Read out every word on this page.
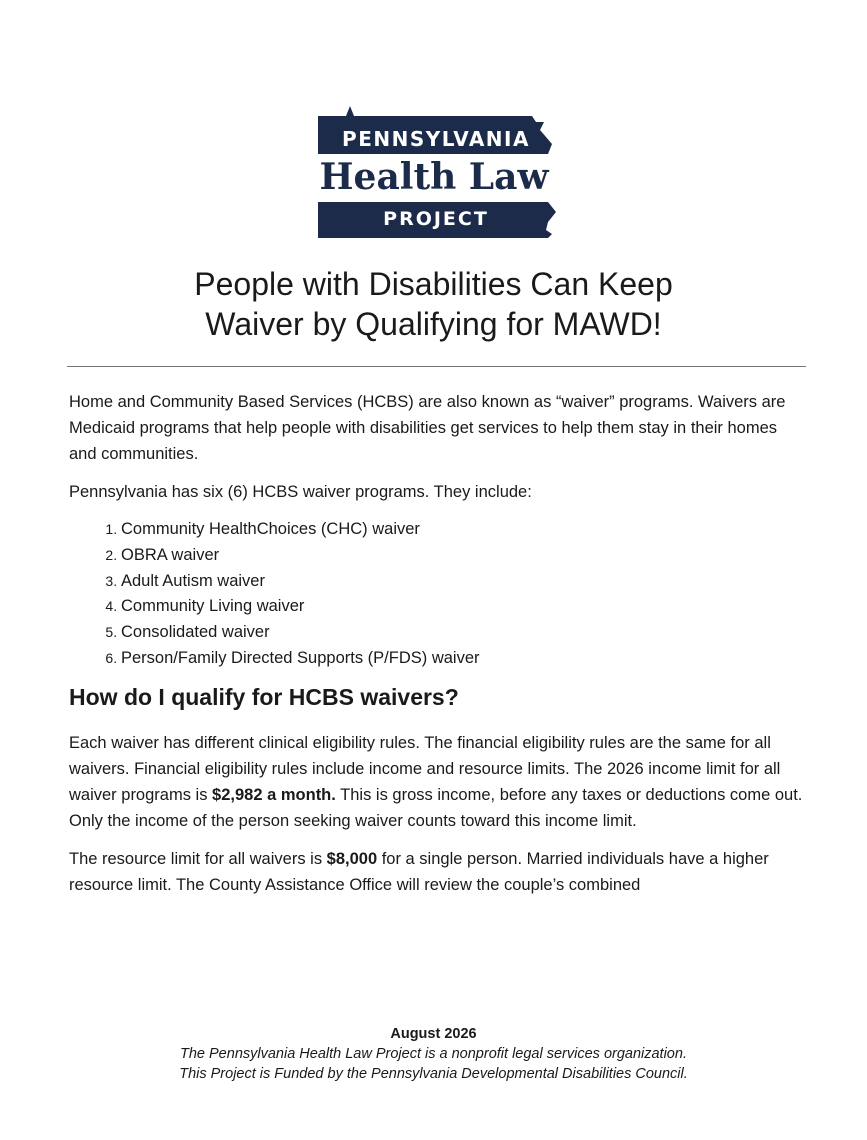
PENNSYLVANIA
Health Law
PROJECT
People with Disabilities Can Keep
Waiver by Qualifying for MAWD!

Home and Community Based Services (HCBS) are also known as “waiver” programs. Waivers are Medicaid programs that help people with disabilities get services to help them stay in their homes and communities.

Pennsylvania has six (6) HCBS waiver programs. They include:

1. Community HealthChoices (CHC) waiver
2. OBRA waiver
3. Adult Autism waiver
4. Community Living waiver
5. Consolidated waiver
6. Person/Family Directed Supports (P/FDS) waiver
How do I qualify for HCBS waivers?

Each waiver has different clinical eligibility rules. The financial eligibility rules are the same for all waivers. Financial eligibility rules include income and resource limits. The 2026 income limit for all waiver programs is $2,982 a month. This is gross income, before any taxes or deductions come out. Only the income of the person seeking waiver counts toward this income limit.

The resource limit for all waivers is $8,000 for a single person. Married individuals have a higher resource limit. The County Assistance Office will review the couple’s combined

August 2026
The Pennsylvania Health Law Project is a nonprofit legal services organization.
This Project is Funded by the Pennsylvania Developmental Disabilities Council.
